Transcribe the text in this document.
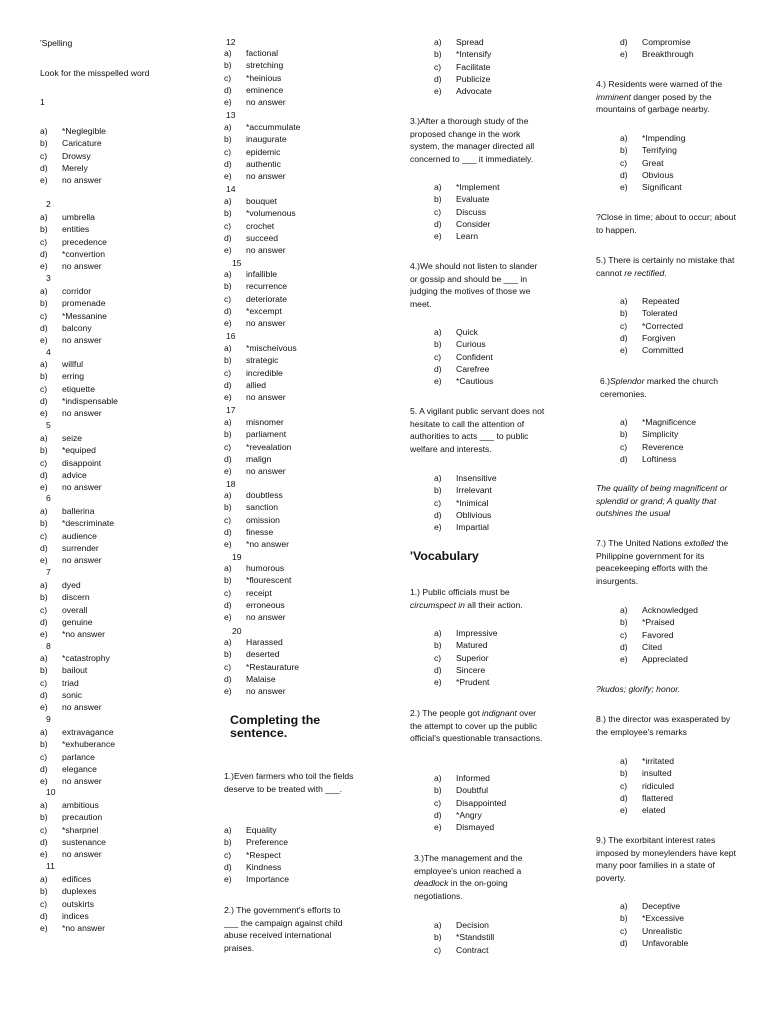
'Spelling
Look for the misspelled word
1
a) *Neglegible
b) Caricature
c) Drowsy
d) Merely
e) no answer
2
a) umbrella
b) entities
c) precedence
d) *convertion
e) no answer
3
a) corridor
b) promenade
c) *Messanine
d) balcony
e) no answer
4
a) willful
b) erring
c) etiquette
d) *indispensable
e) no answer
5
a) seize
b) *equiped
c) disappoint
d) advice
e) no answer
6
a) ballerina
b) *descriminate
c) audience
d) surrender
e) no answer
7
a) dyed
b) discern
c) overall
d) genuine
e) *no answer
8
a) *catastrophy
b) bailout
c) triad
d) sonic
e) no answer
9
a) extravagance
b) *exhuberance
c) parlance
d) elegance
e) no answer
10
a) ambitious
b) precaution
c) *sharpnel
d) sustenance
e) no answer
11
a) edifices
b) duplexes
c) outskirts
d) indices
e) *no answer
12
a) factional
b) stretching
c) *heinious
d) eminence
e) no answer
13
a) *accummulate
b) inaugurate
c) epidemic
d) authentic
e) no answer
14
a) bouquet
b) *volumenous
c) crochet
d) succeed
e) no answer
15
a) infallible
b) recurrence
c) deteriorate
d) *excempt
e) no answer
16
a) *mischeivous
b) strategic
c) incredible
d) allied
e) no answer
17
a) misnomer
b) parliament
c) *revealation
d) malign
e) no answer
18
a) doubtless
b) sanction
c) omission
d) finesse
e) *no answer
19
a) humorous
b) *flourescent
c) receipt
d) erroneous
e) no answer
20
a) Harassed
b) deserted
c) *Restaurature
d) Malaise
e) no answer
Completing the sentence.
1.)Even farmers who toil the fields deserve to be treated with ___.
a) Equality
b) Preference
c) *Respect
d) Kindness
e) Importance
2.) The government's efforts to ___ the campaign against child abuse received international praises.
a) Spread
b) *Intensify
c) Facilitate
d) Publicize
e) Advocate
3.)After a thorough study of the proposed change in the work system, the manager directed all concerned to ___ it immediately.
a) *Implement
b) Evaluate
c) Discuss
d) Consider
e) Learn
4.)We should not listen to slander or gossip and should be ___ in judging the motives of those we meet.
a) Quick
b) Curious
c) Confident
d) Carefree
e) *Cautious
5. A vigilant public servant does not hesitate to call the attention of authorities to acts ___ to public welfare and interests.
a) Insensitive
b) Irrelevant
c) *Inimical
d) Oblivious
e) Impartial
'Vocabulary
1.) Public officials must be circumspect in all their action.
a) Impressive
b) Matured
c) Superior
d) Sincere
e) *Prudent
2.) The people got indignant over the attempt to cover up the public official's questionable transactions.
a) Informed
b) Doubtful
c) Disappointed
d) *Angry
e) Dismayed
3.)The management and the employee's union reached a deadlock in the on-going negotiations.
a) Decision
b) *Standstill
c) Contract
d) Compromise
e) Breakthrough
4.) Residents were warned of the imminent danger posed by the mountains of garbage nearby.
a) *Impending
b) Terrifying
c) Great
d) Obvious
e) Significant
?Close in time; about to occur; about to happen.
5.) There is certainly no mistake that cannot re rectified.
a) Repeated
b) Tolerated
c) *Corrected
d) Forgiven
e) Committed
6.)Splendor marked the church ceremonies.
a) *Magnificence
b) Simplicity
c) Reverence
d) Loftiness
The quality of being magnificent or splendid or grand; A quality that outshines the usual
7.) The United Nations extolled the Philippine government for its peacekeeping efforts with the insurgents.
a) Acknowledged
b) *Praised
c) Favored
d) Cited
e) Appreciated
?kudos; glorify; honor.
8.) the director was exasperated by the employee's remarks
a) *irritated
b) insulted
c) ridiculed
d) flattered
e) elated
9.) The exorbitant interest rates imposed by moneylenders have kept many poor families in a state of poverty.
a) Deceptive
b) *Excessive
c) Unrealistic
d) Unfavorable
